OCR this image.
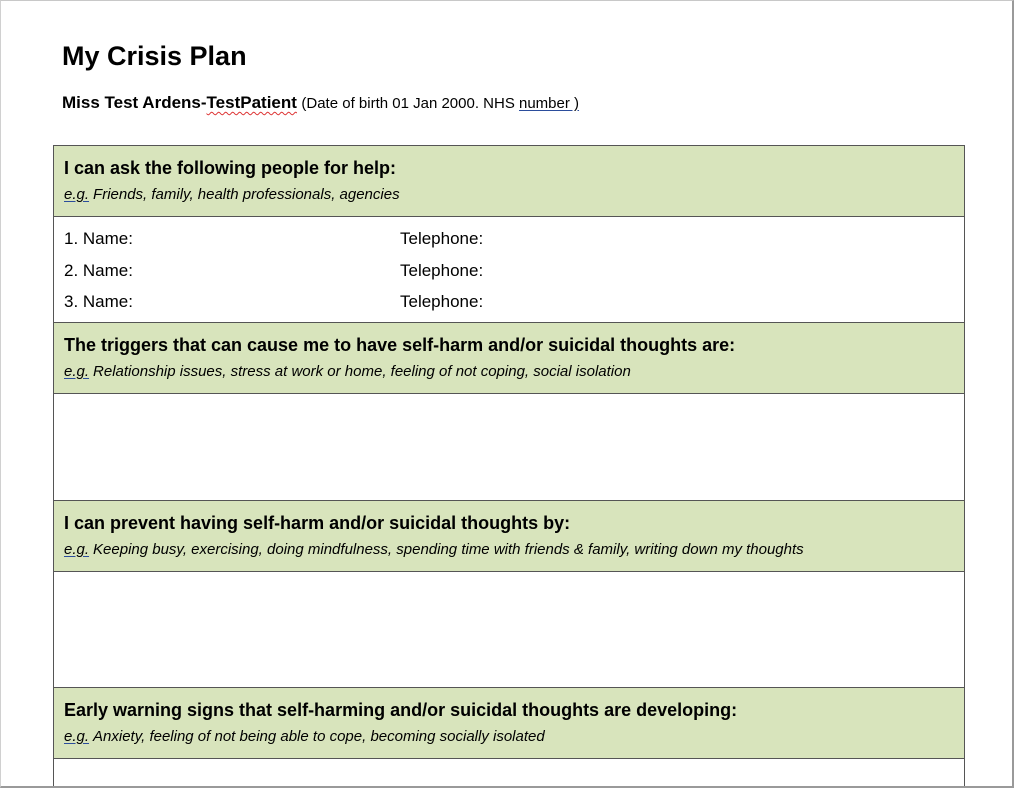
My Crisis Plan
Miss Test Ardens-TestPatient (Date of birth 01 Jan 2000. NHS number )
I can ask the following people for help:
e.g. Friends, family, health professionals, agencies
1. Name:	Telephone:
2. Name:	Telephone:
3. Name:	Telephone:
The triggers that can cause me to have self-harm and/or suicidal thoughts are:
e.g. Relationship issues, stress at work or home, feeling of not coping, social isolation
I can prevent having self-harm and/or suicidal thoughts by:
e.g. Keeping busy, exercising, doing mindfulness, spending time with friends & family, writing down my thoughts
Early warning signs that self-harming and/or suicidal thoughts are developing:
e.g. Anxiety, feeling of not being able to cope, becoming socially isolated
